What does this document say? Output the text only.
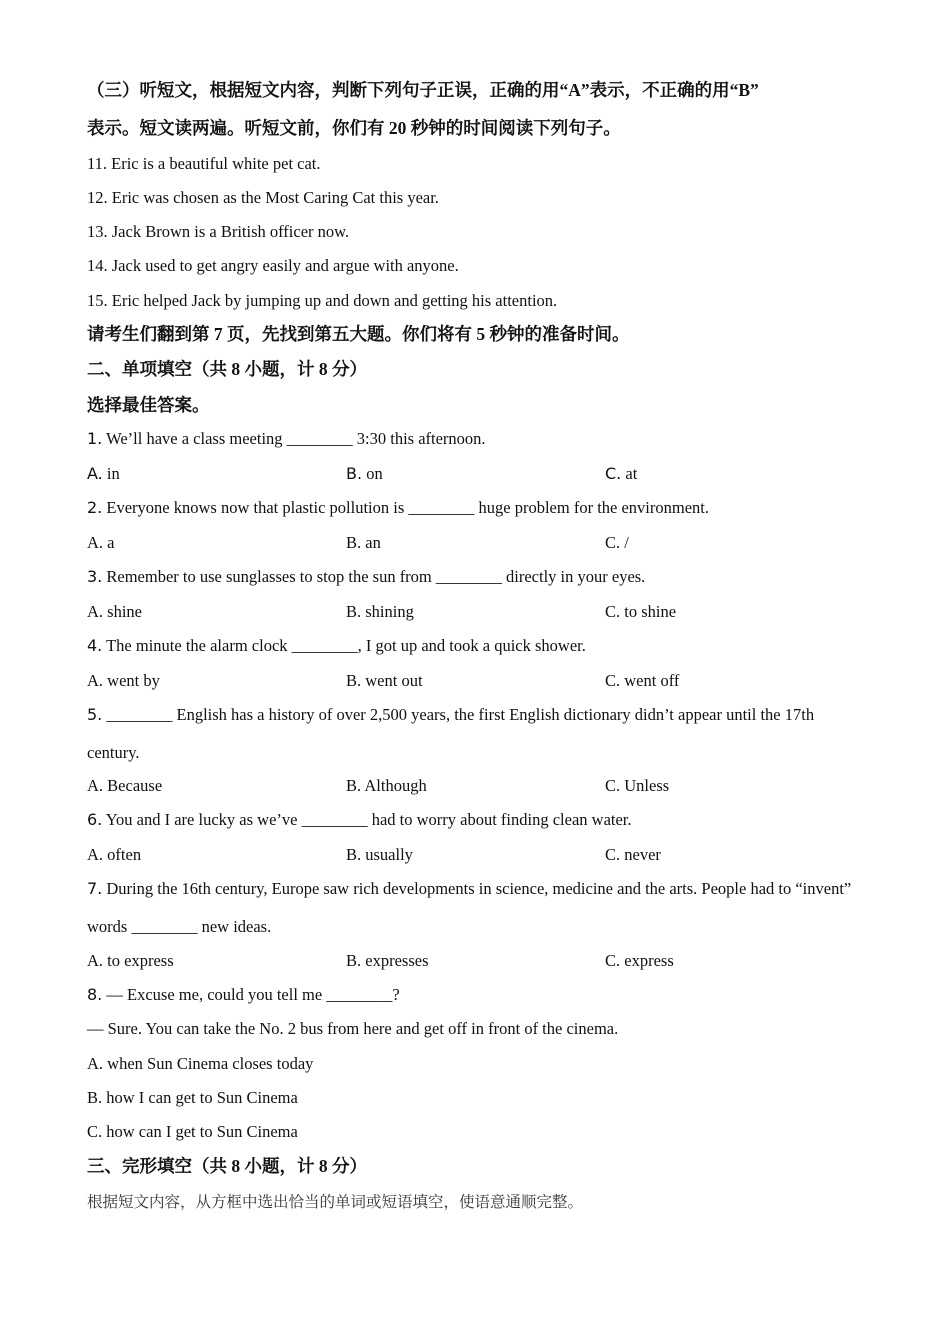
（三）听短文，根据短文内容，判断下列句子正误，正确的用“A”表示，不正确的用“B”
表示。短文读两遍。听短文前，你们有 20 秒钟的时间阅读下列句子。
11. Eric is a beautiful white pet cat.
12. Eric was chosen as the Most Caring Cat this year.
13. Jack Brown is a British officer now.
14. Jack used to get angry easily and argue with anyone.
15. Eric helped Jack by jumping up and down and getting his attention.
请考生们翻到第 7 页，先找到第五大题。你们将有 5 秒钟的准备时间。
二、单项填空（共 8 小题，计 8 分）
选择最佳答案。
1. We’ll have a class meeting ________ 3:30 this afternoon.
A. in	B. on	C. at
2. Everyone knows now that plastic pollution is ________ huge problem for the environment.
A. a	B. an	C. /
3. Remember to use sunglasses to stop the sun from ________ directly in your eyes.
A. shine	B. shining	C. to shine
4. The minute the alarm clock ________, I got up and took a quick shower.
A. went by	B. went out	C. went off
5. ________ English has a history of over 2,500 years, the first English dictionary didn’t appear until the 17th
century.
A. Because	B. Although	C. Unless
6. You and I are lucky as we’ve ________ had to worry about finding clean water.
A. often	B. usually	C. never
7. During the 16th century, Europe saw rich developments in science, medicine and the arts. People had to “invent”
words ________ new ideas.
A. to express	B. expresses	C. express
8. — Excuse me, could you tell me ________?
— Sure. You can take the No. 2 bus from here and get off in front of the cinema.
A. when Sun Cinema closes today
B. how I can get to Sun Cinema
C. how can I get to Sun Cinema
三、完形填空（共 8 小题，计 8 分）
根据短文内容，从方框中选出恰当的单词或短语填空，使语意通顺完整。
